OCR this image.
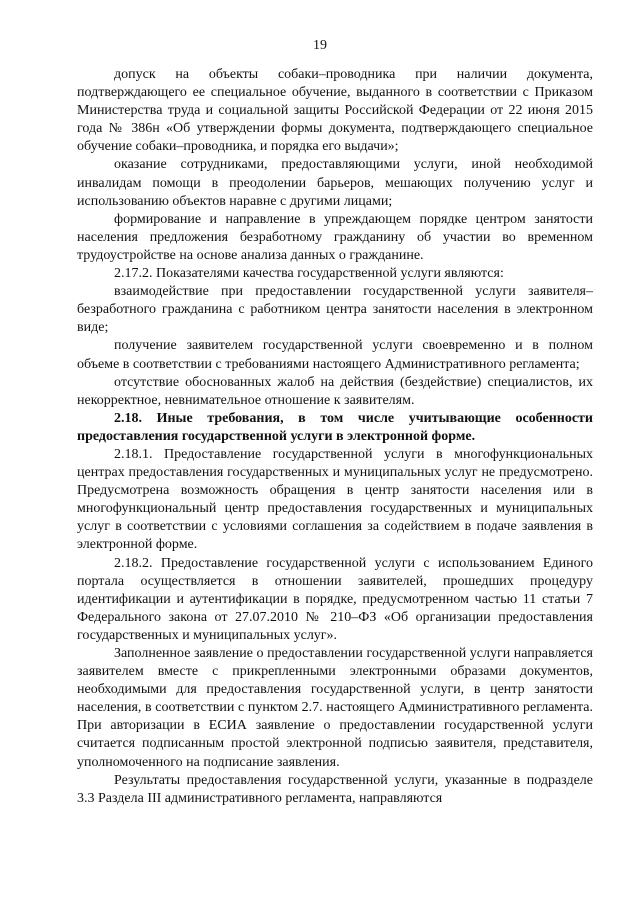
19

допуск на объекты собаки–проводника при наличии документа, подтверждающего ее специальное обучение, выданного в соответствии с Приказом Министерства труда и социальной защиты Российской Федерации от 22 июня 2015 года № 386н «Об утверждении формы документа, подтверждающего специальное обучение собаки–проводника, и порядка его выдачи»;

оказание сотрудниками, предоставляющими услуги, иной необходимой инвалидам помощи в преодолении барьеров, мешающих получению услуг и использованию объектов наравне с другими лицами;

формирование и направление в упреждающем порядке центром занятости населения предложения безработному гражданину об участии во временном трудоустройстве на основе анализа данных о гражданине.

2.17.2. Показателями качества государственной услуги являются:

взаимодействие при предоставлении государственной услуги заявителя–безработного гражданина с работником центра занятости населения в электронном виде;

получение заявителем государственной услуги своевременно и в полном объеме в соответствии с требованиями настоящего Административного регламента;

отсутствие обоснованных жалоб на действия (бездействие) специалистов, их некорректное, невнимательное отношение к заявителям.

2.18. Иные требования, в том числе учитывающие особенности предоставления государственной услуги в электронной форме.

2.18.1. Предоставление государственной услуги в многофункциональных центрах предоставления государственных и муниципальных услуг не предусмотрено. Предусмотрена возможность обращения в центр занятости населения или в многофункциональный центр предоставления государственных и муниципальных услуг в соответствии с условиями соглашения за содействием в подаче заявления в электронной форме.

2.18.2. Предоставление государственной услуги с использованием Единого портала осуществляется в отношении заявителей, прошедших процедуру идентификации и аутентификации в порядке, предусмотренном частью 11 статьи 7 Федерального закона от 27.07.2010 № 210–ФЗ «Об организации предоставления государственных и муниципальных услуг».

Заполненное заявление о предоставлении государственной услуги направляется заявителем вместе с прикрепленными электронными образами документов, необходимыми для предоставления государственной услуги, в центр занятости населения, в соответствии с пунктом 2.7. настоящего Административного регламента. При авторизации в ЕСИА заявление о предоставлении государственной услуги считается подписанным простой электронной подписью заявителя, представителя, уполномоченного на подписание заявления.

Результаты предоставления государственной услуги, указанные в подразделе 3.3 Раздела III административного регламента, направляются
